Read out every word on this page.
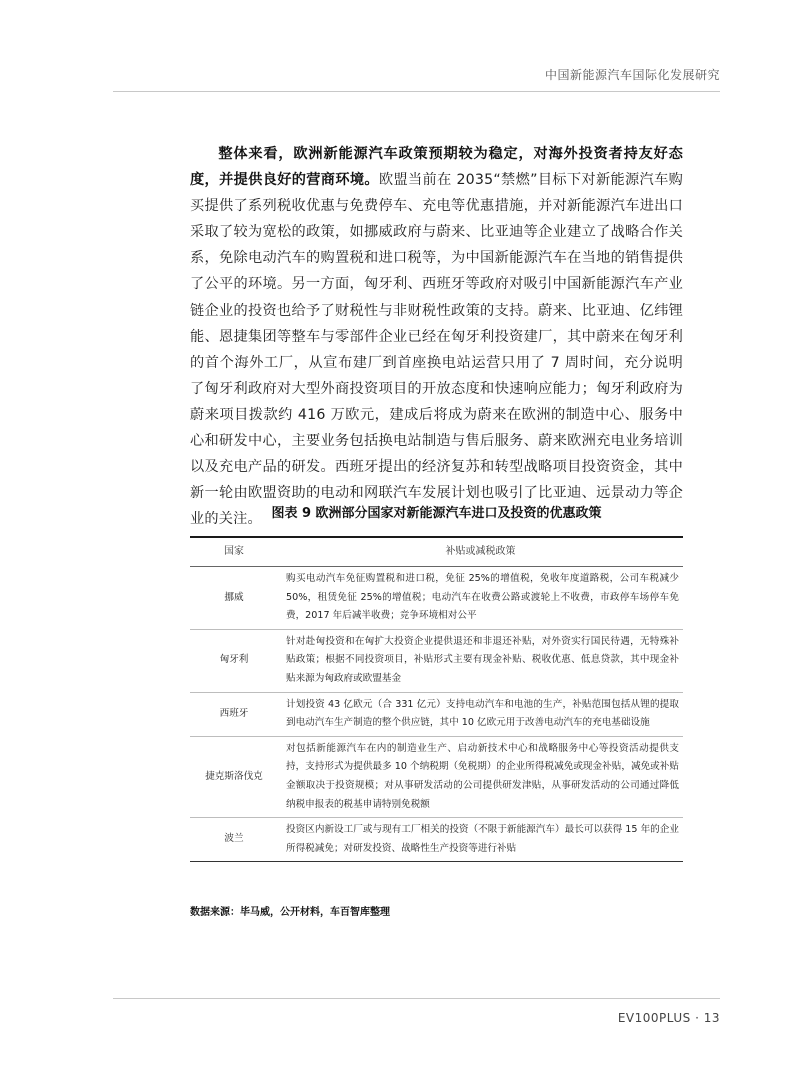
中国新能源汽车国际化发展研究

整体来看，欧洲新能源汽车政策预期较为稳定，对海外投资者持友好态度，并提供良好的营商环境。欧盟当前在 2035“禁燃”目标下对新能源汽车购买提供了系列税收优惠与免费停车、充电等优惠措施，并对新能源汽车进出口采取了较为宽松的政策，如挪威政府与蔚来、比亚迪等企业建立了战略合作关系，免除电动汽车的购置税和进口税等，为中国新能源汽车在当地的销售提供了公平的环境。另一方面，匈牙利、西班牙等政府对吸引中国新能源汽车产业链企业的投资也给予了财税性与非财税性政策的支持。蔚来、比亚迪、亿纬锂能、恩捷集团等整车与零部件企业已经在匈牙利投资建厂，其中蔚来在匈牙利的首个海外工厂，从宣布建厂到首座换电站运营只用了 7 周时间，充分说明了匈牙利政府对大型外商投资项目的开放态度和快速响应能力；匈牙利政府为蔚来项目拨款约 416 万欧元，建成后将成为蔚来在欧洲的制造中心、服务中心和研发中心，主要业务包括换电站制造与售后服务、蔚来欧洲充电业务培训以及充电产品的研发。西班牙提出的经济复苏和转型战略项目投资资金，其中新一轮由欧盟资助的电动和网联汽车发展计划也吸引了比亚迪、远景动力等企业的关注。 图表 9 欧洲部分国家对新能源汽车进口及投资的优惠政策
国家	补贴或减税政策
挪威	购买电动汽车免征购置税和进口税，免征 25%的增值税，免收年度道路税，公司车税减少 50%，租赁免征 25%的增值税；电动汽车在收费公路或渡轮上不收费，市政停车场停车免费，2017 年后减半收费；竞争环境相对公平
匈牙利	针对赴匈投资和在匈扩大投资企业提供退还和非退还补贴，对外资实行国民待遇，无特殊补贴政策；根据不同投资项目，补贴形式主要有现金补贴、税收优惠、低息贷款，其中现金补贴来源为匈政府或欧盟基金
西班牙	计划投资 43 亿欧元（合 331 亿元）支持电动汽车和电池的生产，补贴范围包括从锂的提取到电动汽车生产制造的整个供应链，其中 10 亿欧元用于改善电动汽车的充电基础设施
捷克斯洛伐克	对包括新能源汽车在内的制造业生产、启动新技术中心和战略服务中心等投资活动提供支持，支持形式为提供最多 10 个纳税期（免税期）的企业所得税减免或现金补贴，减免或补贴金额取决于投资规模；对从事研发活动的公司提供研发津贴，从事研发活动的公司通过降低纳税申报表的税基申请特别免税额
波兰	投资区内新设工厂或与现有工厂相关的投资（不限于新能源汽车）最长可以获得 15 年的企业所得税减免；对研发投资、战略性生产投资等进行补贴
数据来源：毕马威，公开材料，车百智库整理
EV100PLUS · 13
